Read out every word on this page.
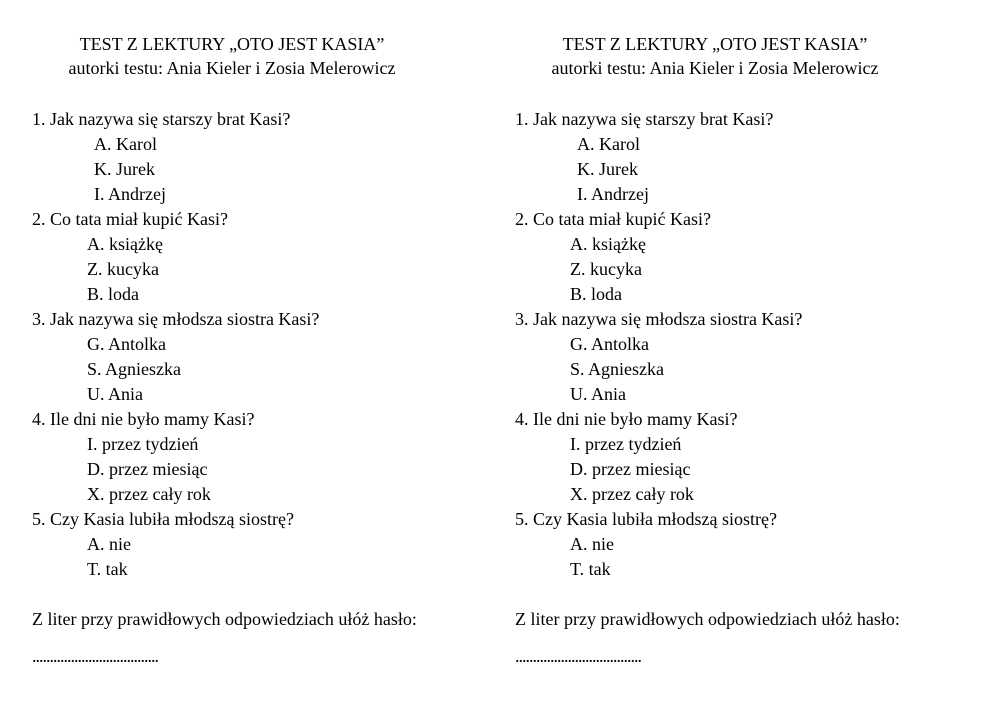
TEST Z LEKTURY „OTO JEST KASIA”
autorki testu: Ania Kieler i Zosia Melerowicz
1. Jak nazywa się starszy brat Kasi?
A. Karol
K. Jurek
I. Andrzej
2. Co tata miał kupić Kasi?
A. książkę
Z. kucyka
B. loda
3. Jak nazywa się młodsza siostra Kasi?
G. Antolka
S. Agnieszka
U. Ania
4. Ile dni nie było mamy Kasi?
I. przez tydzień
D. przez miesiąc
X. przez cały rok
5. Czy Kasia lubiła młodszą siostrę?
A. nie
T. tak
Z liter przy prawidłowych odpowiedziach ułóż hasło:
....................................
TEST Z LEKTURY „OTO JEST KASIA”
autorki testu: Ania Kieler i Zosia Melerowicz
1. Jak nazywa się starszy brat Kasi?
A. Karol
K. Jurek
I. Andrzej
2. Co tata miał kupić Kasi?
A. książkę
Z. kucyka
B. loda
3. Jak nazywa się młodsza siostra Kasi?
G. Antolka
S. Agnieszka
U. Ania
4. Ile dni nie było mamy Kasi?
I. przez tydzień
D. przez miesiąc
X. przez cały rok
5. Czy Kasia lubiła młodszą siostrę?
A. nie
T. tak
Z liter przy prawidłowych odpowiedziach ułóż hasło:
....................................
